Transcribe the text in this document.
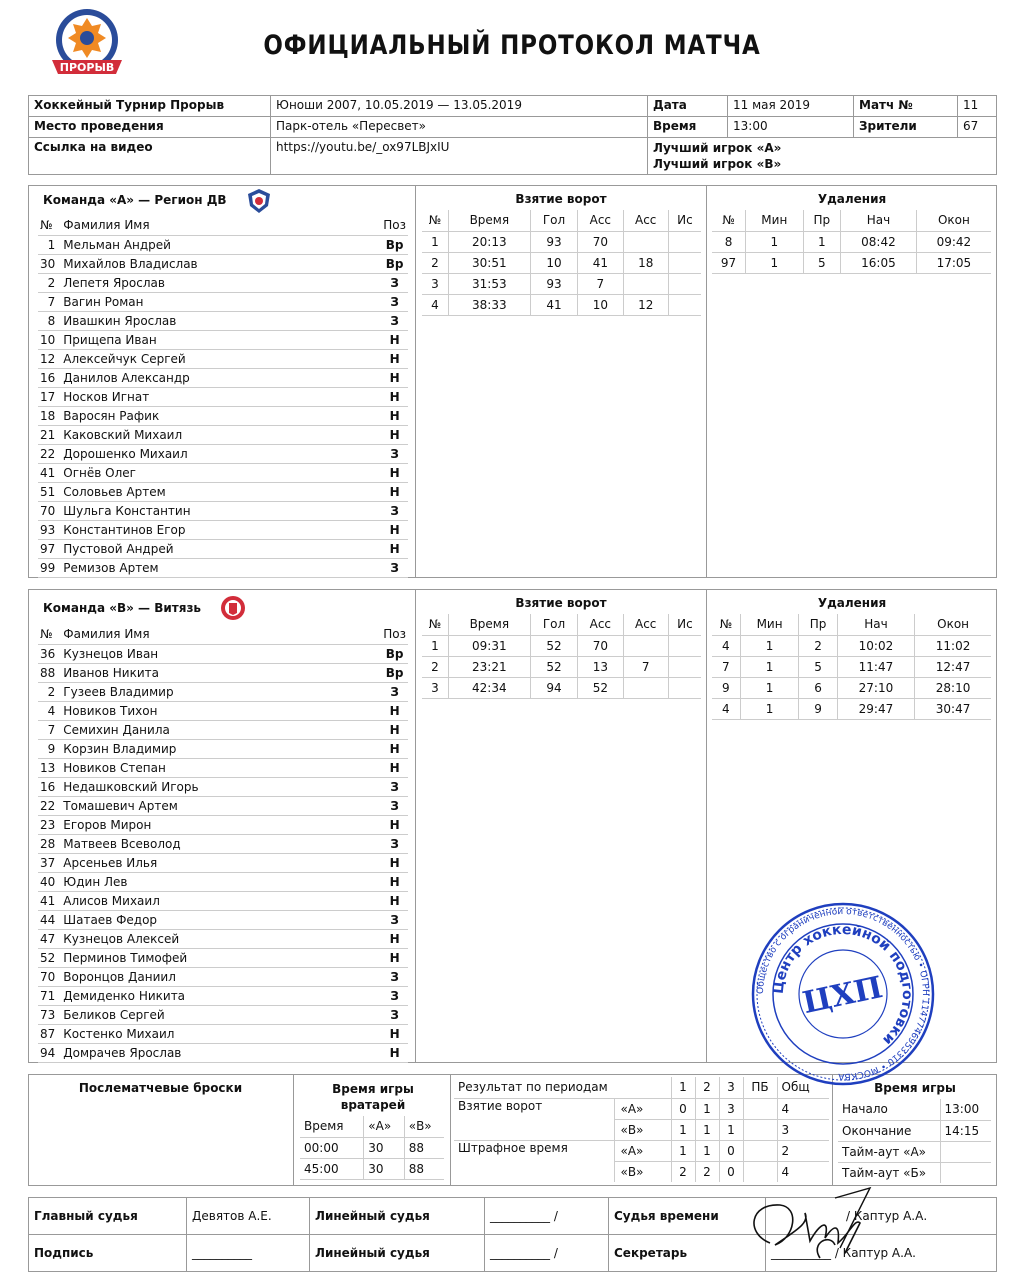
ПРОРЫВ
ОФИЦИАЛЬНЫЙ ПРОТОКОЛ МАТЧА
Хоккейный Турнир Прорыв	Юноши 2007, 10.05.2019 — 13.05.2019	Дата	11 мая 2019	Матч №	11
Место проведения	Парк-отель «Пересвет»	Время	13:00	Зрители	67
Ссылка на видео	https://youtu.be/_ox97LBJxIU	Лучший игрок «А»
Лучший игрок «В»			
Команда «А» — Регион ДВ
№	Фамилия Имя	Поз
1	Мельман Андрей	Вр
30	Михайлов Владислав	Вр
2	Лепетя Ярослав	З
7	Вагин Роман	З
8	Ивашкин Ярослав	З
10	Прищепа Иван	Н
12	Алексейчук Сергей	Н
16	Данилов Александр	Н
17	Носков Игнат	Н
18	Варосян Рафик	Н
21	Каковский Михаил	Н
22	Дорошенко Михаил	З
41	Огнёв Олег	Н
51	Соловьев Артем	Н
70	Шульга Константин	З
93	Константинов Егор	Н
97	Пустовой Андрей	Н
99	Ремизов Артем	З
Взятие ворот
№	Время	Гол	Асс	Асс	Ис
1	20:13	93	70		
2	30:51	10	41	18	
3	31:53	93	7		
4	38:33	41	10	12	
Удаления
№	Мин	Пр	Нач	Окон
8	1	1	08:42	09:42
97	1	5	16:05	17:05
Команда «В» — Витязь
№	Фамилия Имя	Поз
36	Кузнецов Иван	Вр
88	Иванов Никита	Вр
2	Гузеев Владимир	З
4	Новиков Тихон	Н
7	Семихин Данила	Н
9	Корзин Владимир	Н
13	Новиков Степан	Н
16	Недашковский Игорь	З
22	Томашевич Артем	З
23	Егоров Мирон	Н
28	Матвеев Всеволод	З
37	Арсеньев Илья	Н
40	Юдин Лев	Н
41	Алисов Михаил	Н
44	Шатаев Федор	З
47	Кузнецов Алексей	Н
52	Перминов Тимофей	Н
70	Воронцов Даниил	З
71	Демиденко Никита	З
73	Беликов Сергей	З
87	Костенко Михаил	Н
94	Домрачев Ярослав	Н
Взятие ворот
№	Время	Гол	Асс	Асс	Ис
1	09:31	52	70		
2	23:21	52	13	7	
3	42:34	94	52		
Удаления
№	Мин	Пр	Нач	Окон
4	1	2	10:02	11:02
7	1	5	11:47	12:47
9	1	6	27:10	28:10
4	1	9	29:47	30:47
Послематчевые броски	Время игры вратарей
Время	«А»	«В»
00:00	30	88
45:00	30	88
Результат по периодам		1	2	3	ПБ	Общ
Взятие ворот	«А»	0	1	3		4
	«В»	1	1	1		3
Штрафное время	«А»	1	1	0		2
	«В»	2	2	0		4
Время игры
Начало	13:00
Окончание	14:15
Тайм-аут «А»	
Тайм-аут «Б»	
Главный судья	Девятов А.Е.	Линейный судья	__________ /	Судья времени	/ Каптур А.А.
Подпись	__________	Линейный судья	__________ /	Секретарь	__________ / Каптур А.А.
Общество с ограниченной ответственностью • ОГРН 1147746953310 • МОСКВА
Центр хоккейной подготовки
ЦХП
